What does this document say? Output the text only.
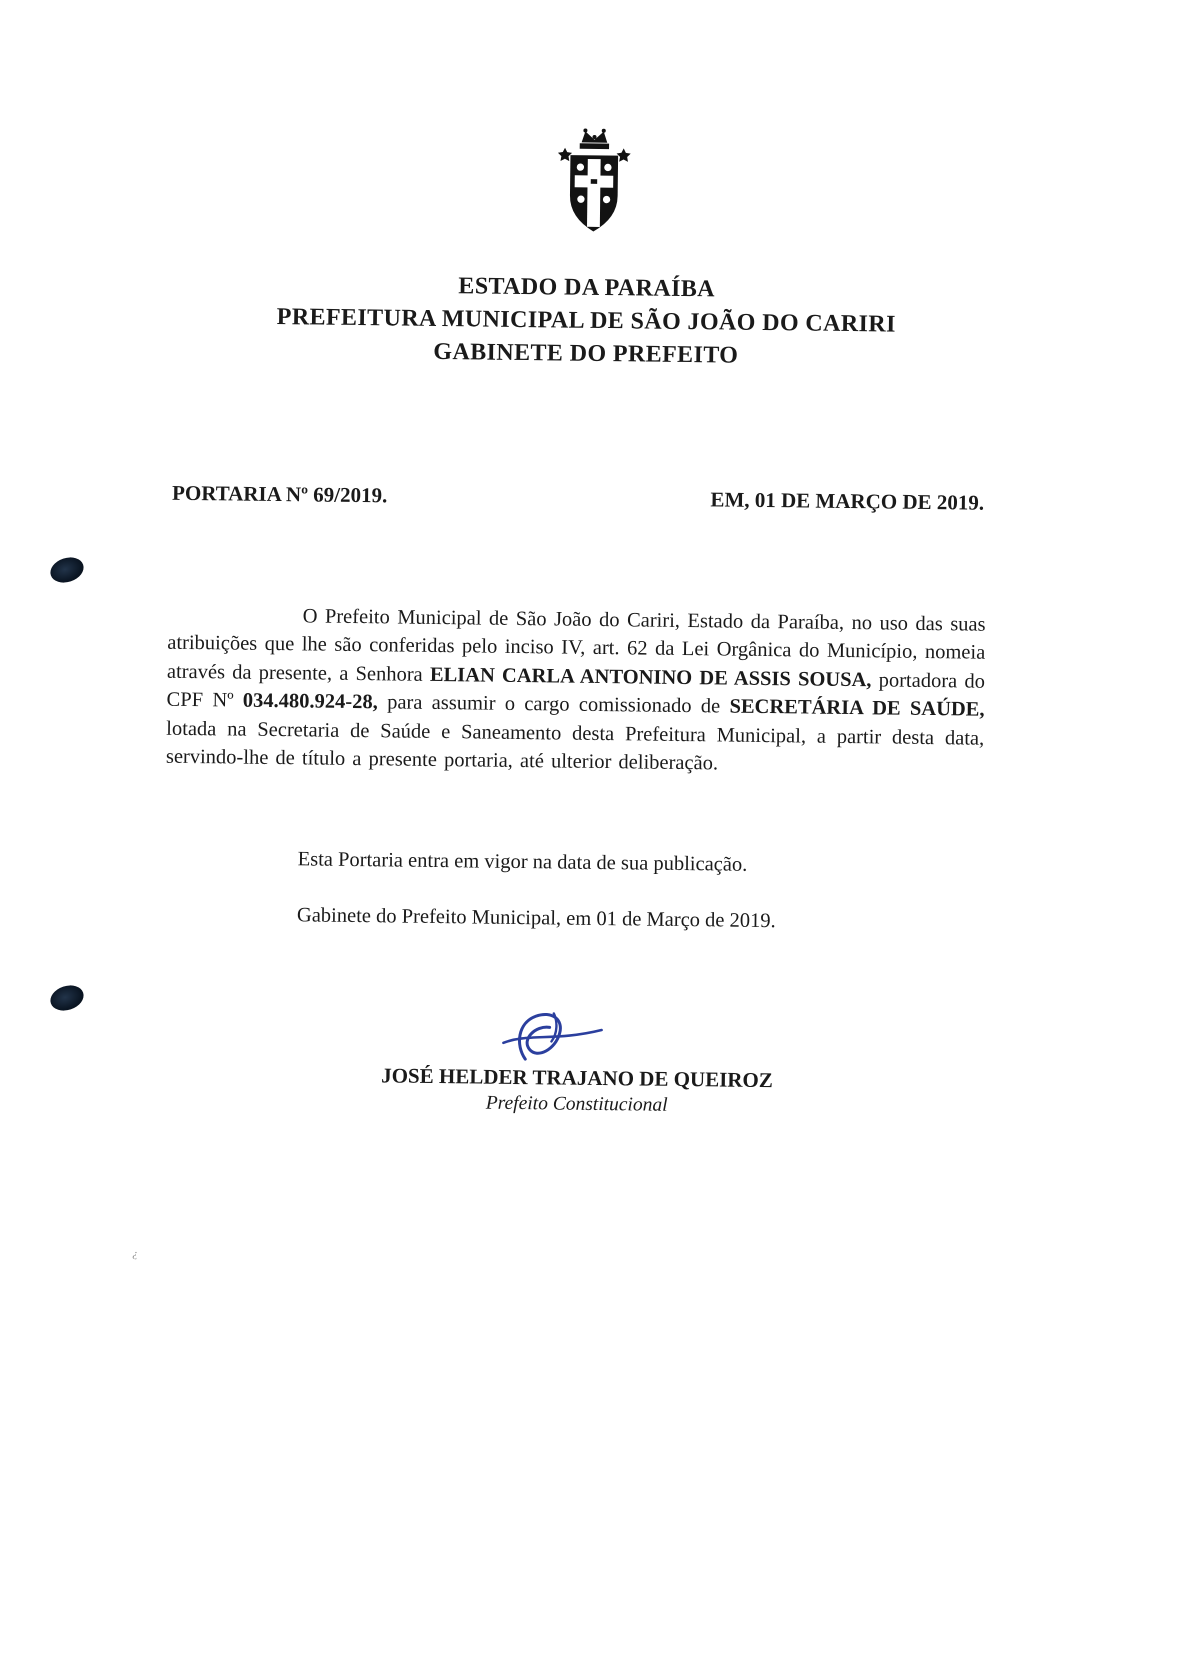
ESTADO DA PARAÍBA
PREFEITURA MUNICIPAL DE SÃO JOÃO DO CARIRI
GABINETE DO PREFEITO
PORTARIA Nº 69/2019.	EM, 01 DE MARÇO DE 2019.

O Prefeito Municipal de São João do Cariri, Estado da Paraíba, no uso das suas atribuições que lhe são conferidas pelo inciso IV, art. 62 da Lei Orgânica do Município, nomeia através da presente, a Senhora ELIAN CARLA ANTONINO DE ASSIS SOUSA, portadora do CPF Nº 034.480.924-28, para assumir o cargo comissionado de SECRETÁRIA DE SAÚDE, lotada na Secretaria de Saúde e Saneamento desta Prefeitura Municipal, a partir desta data, servindo-lhe de título a presente portaria, até ulterior deliberação.

Esta Portaria entra em vigor na data de sua publicação.
Gabinete do Prefeito Municipal, em 01 de Março de 2019.
JOSÉ HELDER TRAJANO DE QUEIROZ
Prefeito Constitucional
¿
